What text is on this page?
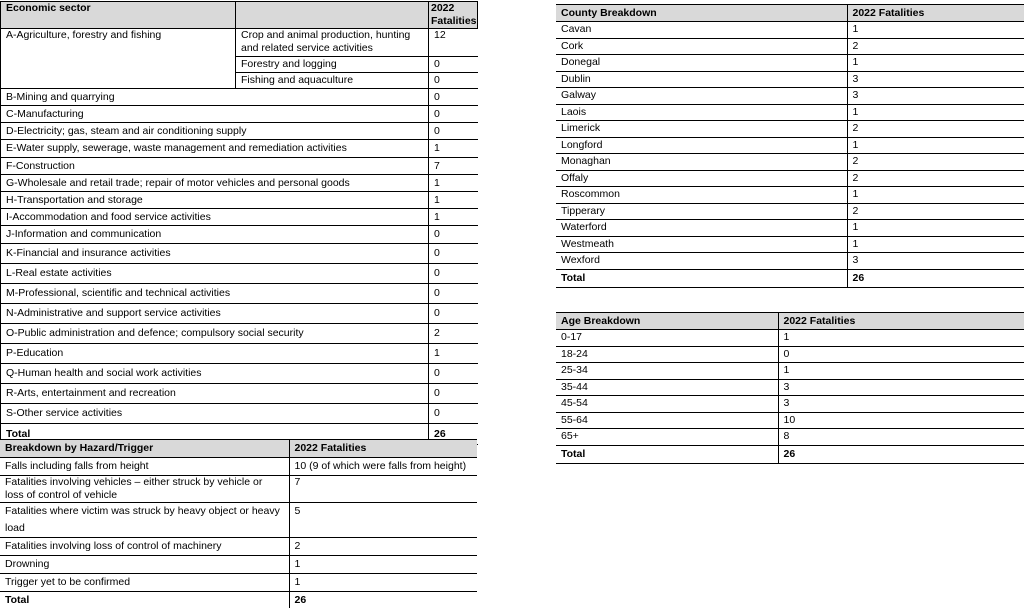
Economic sector		2022 Fatalities
A-Agriculture, forestry and fishing	Crop and animal production, hunting and related service activities	12
	Forestry and logging	0
	Fishing and aquaculture	0
B-Mining and quarrying		0
C-Manufacturing		0
D-Electricity; gas, steam and air conditioning supply		0
E-Water supply, sewerage, waste management and remediation activities		1
F-Construction		7
G-Wholesale and retail trade; repair of motor vehicles and personal goods		1
H-Transportation and storage		1
I-Accommodation and food service activities		1
J-Information and communication		0
K-Financial and insurance activities		0
L-Real estate activities		0
M-Professional, scientific and technical activities		0
N-Administrative and support service activities		0
O-Public administration and defence; compulsory social security		2
P-Education		1
Q-Human health and social work activities		0
R-Arts, entertainment and recreation		0
S-Other service activities		0
Total		26
Breakdown by Hazard/Trigger	2022 Fatalities
Falls including falls from height	10 (9 of which were falls from height)
Fatalities involving vehicles – either struck by vehicle or loss of control of vehicle	7
Fatalities where victim was struck by heavy object or heavy load	5
Fatalities involving loss of control of machinery	2
Drowning	1
Trigger yet to be confirmed	1
Total	26
County Breakdown	2022 Fatalities
Cavan	1
Cork	2
Donegal	1
Dublin	3
Galway	3
Laois	1
Limerick	2
Longford	1
Monaghan	2
Offaly	2
Roscommon	1
Tipperary	2
Waterford	1
Westmeath	1
Wexford	3
Total	26
Age Breakdown	2022 Fatalities
0-17	1
18-24	0
25-34	1
35-44	3
45-54	3
55-64	10
65+	8
Total	26
